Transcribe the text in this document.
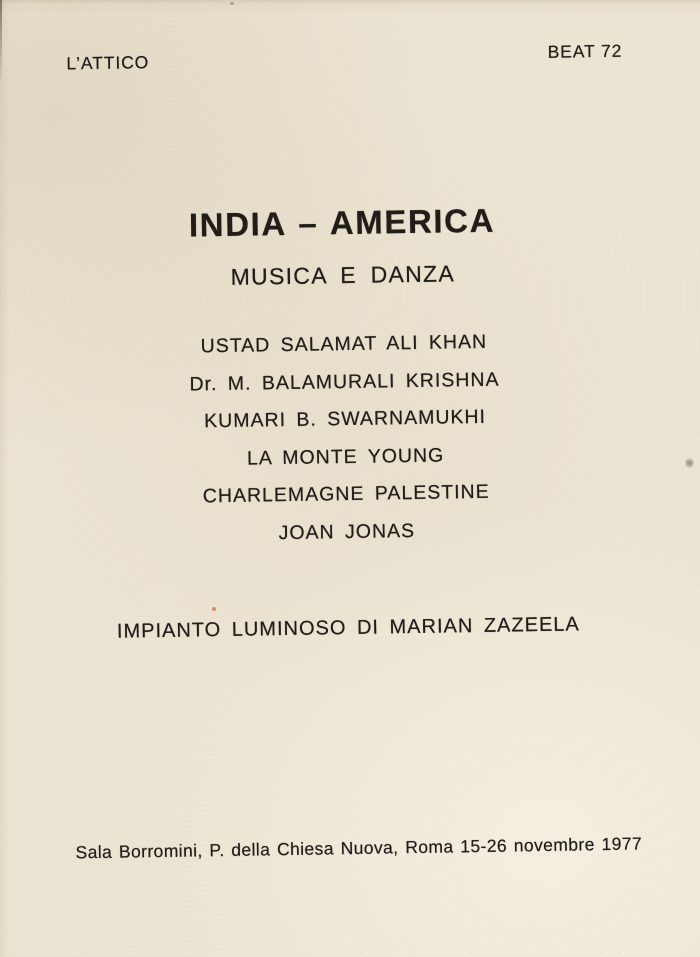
L’ATTICO
BEAT 72
INDIA – AMERICA
MUSICA E DANZA
USTAD SALAMAT ALI KHAN
Dr. M. BALAMURALI KRISHNA
KUMARI B. SWARNAMUKHI
LA MONTE YOUNG
CHARLEMAGNE PALESTINE
JOAN JONAS
IMPIANTO LUMINOSO DI MARIAN ZAZEELA
Sala Borromini, P. della Chiesa Nuova, Roma 15-26 novembre 1977
